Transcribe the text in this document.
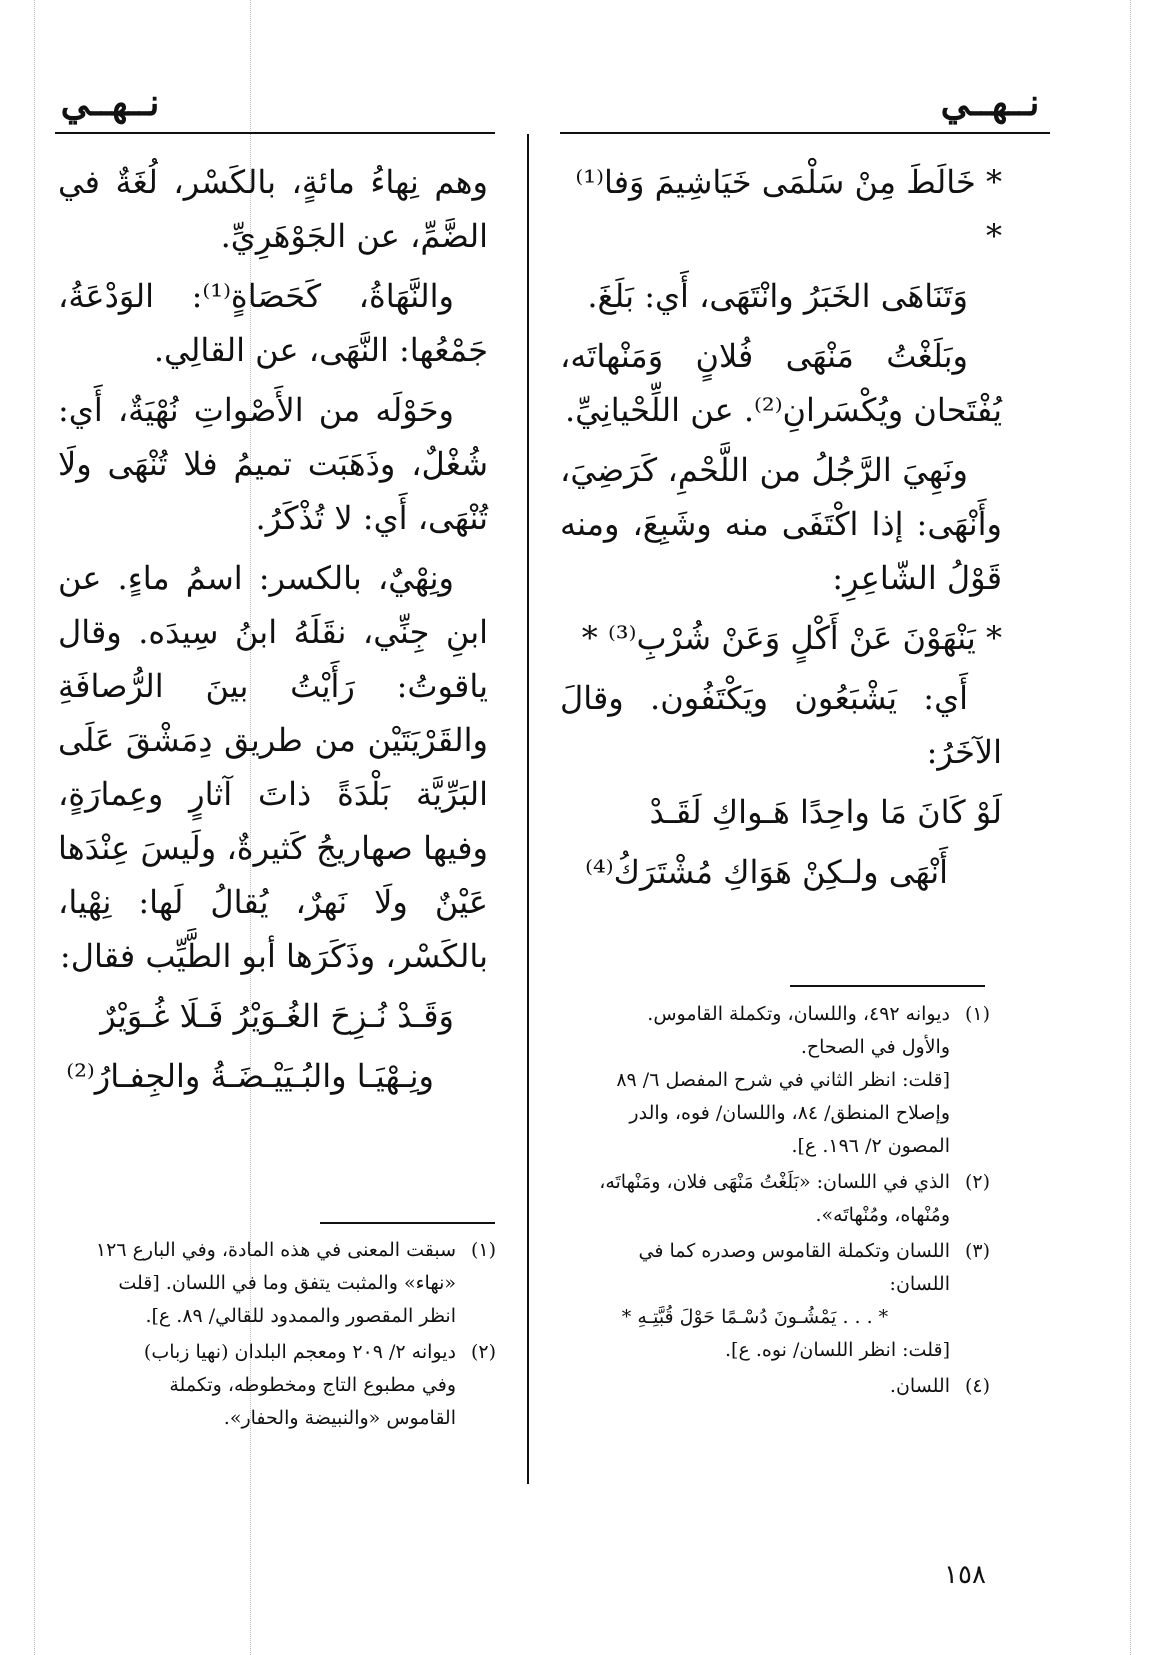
نــهــي
نــهــي

* خَالَطَ مِنْ سَلْمَى خَيَاشِيمَ وَفا⁽¹⁾ *

وَتَنَاهَى الخَبَرُ وانْتَهَى، أَي: بَلَغَ.

وبَلَغْتُ مَنْهَى فُلانٍ وَمَنْهاتَه، يُفْتَحان ويُكْسَرانِ⁽²⁾. عن اللِّحْيانِيِّ.

ونَهِيَ الرَّجُلُ من اللَّحْمِ، كَرَضِيَ، وأَنْهَى: إذا اكْتَفَى منه وشَبِعَ، ومنه قَوْلُ الشّاعِرِ:

* يَنْهَوْنَ عَنْ أَكْلٍ وَعَنْ شُرْبِ⁽³⁾ *

أَي: يَشْبَعُون ويَكْتَفُون. وقالَ الآخَرُ:

لَوْ كَانَ مَا واحِدًا هَـواكِ لَقَـدْ

أَنْهَى ولـكِنْ هَوَاكِ مُشْتَرَكُ⁽⁴⁾

(١)
ديوانه ٤٩٢، واللسان، وتكملة القاموس.
والأول في الصحاح.
[قلت: انظر الثاني في شرح المفصل ٦/ ٨٩
وإصلاح المنطق/ ٨٤، واللسان/ فوه، والدر
المصون ٢/ ١٩٦. ع].
(٢)
الذي في اللسان: «بَلَغْتُ مَنْهَى فلان، ومَنْهاتَه،
ومُنْهاه، ومُنْهاتَه».
(٣)
اللسان وتكملة القاموس وصدره كما في
اللسان:
* . . . يَمْشُـونَ دُسْـمًا حَوْلَ قُبَّتِـهِ *
[قلت: انظر اللسان/ نوه. ع].
(٤)
اللسان.

وهم نِهاءُ مائةٍ، بالكَسْر، لُغَةٌ في الضَّمِّ، عن الجَوْهَرِيِّ.

والنَّهَاةُ، كَحَصَاةٍ⁽¹⁾: الوَدْعَةُ، جَمْعُها: النَّهَى، عن القالِي.

وحَوْلَه من الأَصْواتِ نُهْيَةٌ، أَي: شُغْلٌ، وذَهَبَت تميمُ فلا تُنْهَى ولَا تُنْهَى، أَي: لا تُذْكَرُ.

ونِهْيٌ، بالكسر: اسمُ ماءٍ. عن ابنِ جِنِّي، نقَلَهُ ابنُ سِيدَه. وقال ياقوتُ: رَأَيْتُ بينَ الرُّصافَةِ والقَرْيَتَيْن من طريق دِمَشْقَ عَلَى البَرِّيَّة بَلْدَةً ذاتَ آثارٍ وعِمارَةٍ، وفيها صهاريجُ كَثيرةٌ، ولَيسَ عِنْدَها عَيْنٌ ولَا نَهرٌ، يُقالُ لَها: نِهْيا، بالكَسْر، وذَكَرَها أبو الطَّيِّب فقال:

وَقَـدْ نُـزِحَ الغُـوَيْرُ فَـلَا غُـوَيْرٌ

ونِـهْيَـا والبُـيَيْـضَـةُ والجِفـارُ⁽²⁾

(١)
سبقت المعنى في هذه المادة، وفي البارع ١٢٦
«نهاء» والمثبت يتفق وما في اللسان. [قلت
انظر المقصور والممدود للقالي/ ٨٩. ع].
(٢)
ديوانه ٢/ ٢٠٩ ومعجم البلدان (نهيا زباب)
وفي مطبوع التاج ومخطوطه، وتكملة
القاموس «والنبيضة والحفار».
١٥٨
